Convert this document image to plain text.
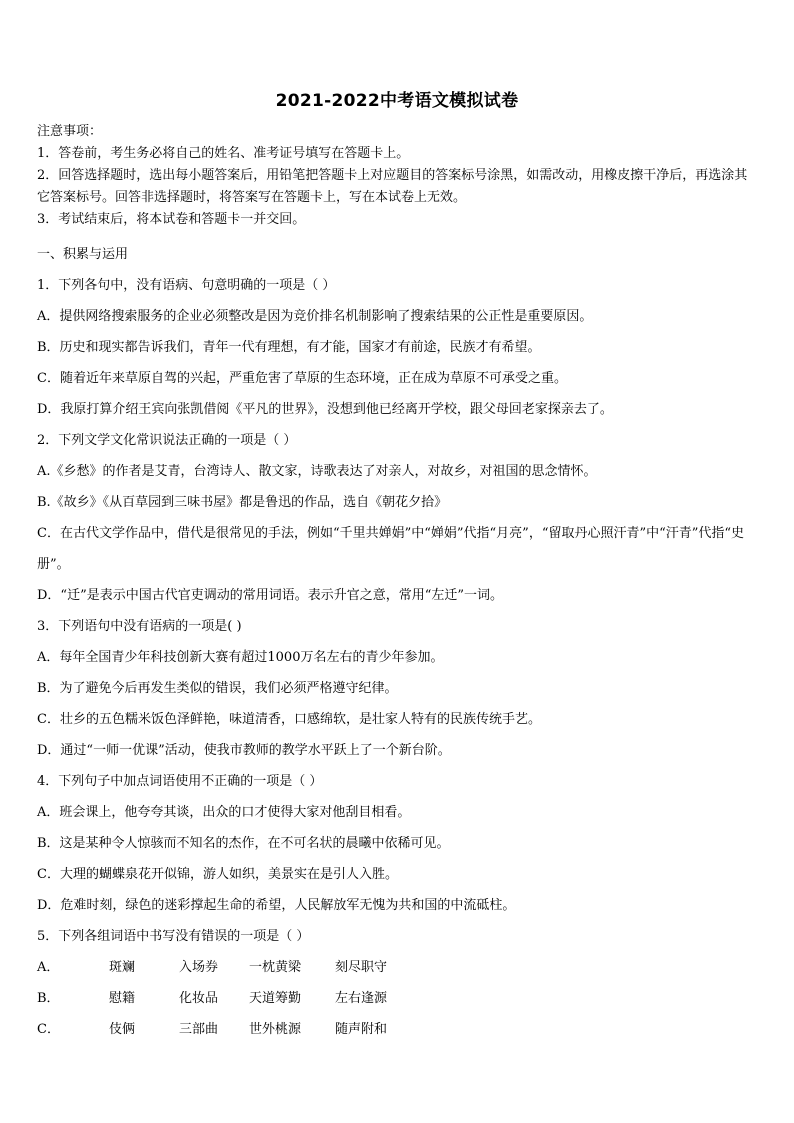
2021-2022中考语文模拟试卷
注意事项：
1．答卷前，考生务必将自己的姓名、准考证号填写在答题卡上。
2．回答选择题时，选出每小题答案后，用铅笔把答题卡上对应题目的答案标号涂黑，如需改动，用橡皮擦干净后，再选涂其它答案标号。回答非选择题时，将答案写在答题卡上，写在本试卷上无效。
3．考试结束后，将本试卷和答题卡一并交回。
一、积累与运用
1．下列各句中，没有语病、句意明确的一项是（ ）
A．提供网络搜索服务的企业必须整改是因为竞价排名机制影响了搜索结果的公正性是重要原因。
B．历史和现实都告诉我们，青年一代有理想，有才能，国家才有前途，民族才有希望。
C．随着近年来草原自驾的兴起，严重危害了草原的生态环境，正在成为草原不可承受之重。
D．我原打算介绍王宾向张凯借阅《平凡的世界》，没想到他已经离开学校，跟父母回老家探亲去了。
2．下列文学文化常识说法正确的一项是（ ）
A.《乡愁》的作者是艾青，台湾诗人、散文家，诗歌表达了对亲人，对故乡，对祖国的思念情怀。
B.《故乡》《从百草园到三味书屋》都是鲁迅的作品，选自《朝花夕拾》
C．在古代文学作品中，借代是很常见的手法，例如“千里共婵娟”中“婵娟”代指“月亮”，“留取丹心照汗青”中“汗青”代指“史册”。
D．“迁”是表示中国古代官吏调动的常用词语。表示升官之意，常用“左迁”一词。
3．下列语句中没有语病的一项是( )
A．每年全国青少年科技创新大赛有超过1000万名左右的青少年参加。
B．为了避免今后再发生类似的错误，我们必须严格遵守纪律。
C．壮乡的五色糯米饭色泽鲜艳，味道清香，口感绵软，是壮家人特有的民族传统手艺。
D．通过“一师一优课”活动，使我市教师的教学水平跃上了一个新台阶。
4．下列句子中加点词语使用不正确的一项是（ ）
A．班会课上，他夸夸其谈，出众的口才使得大家对他刮目相看。
B．这是某种令人惊骇而不知名的杰作，在不可名状的晨曦中依稀可见。
C．大理的蝴蝶泉花开似锦，游人如织，美景实在是引人入胜。
D．危难时刻，绿色的迷彩撑起生命的希望，人民解放军无愧为共和国的中流砥柱。
5．下列各组词语中书写没有错误的一项是（ ）
A．	斑斓	入场券 一枕黄梁	刻尽职守
B．	慰籍	化妆品 天道筹勤	左右逢源
C．	伎俩	三部曲 世外桃源	随声附和
